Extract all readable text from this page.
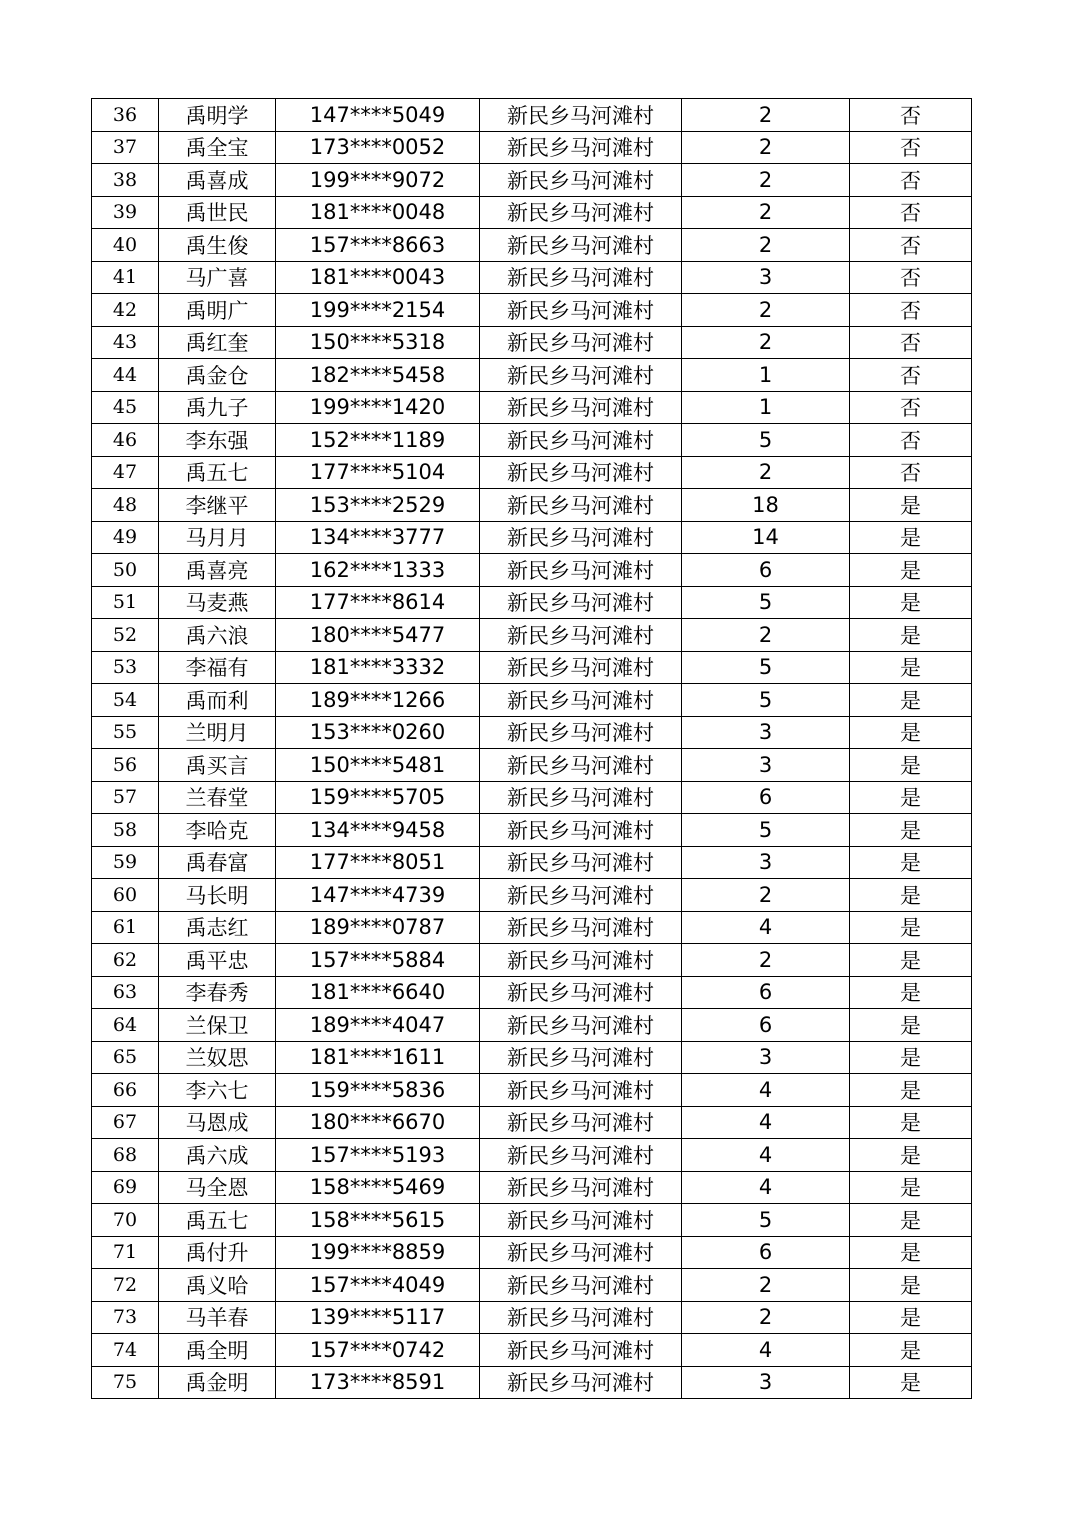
36	禹明学	147****5049	新民乡马河滩村	2	否
37	禹全宝	173****0052	新民乡马河滩村	2	否
38	禹喜成	199****9072	新民乡马河滩村	2	否
39	禹世民	181****0048	新民乡马河滩村	2	否
40	禹生俊	157****8663	新民乡马河滩村	2	否
41	马广喜	181****0043	新民乡马河滩村	3	否
42	禹明广	199****2154	新民乡马河滩村	2	否
43	禹红奎	150****5318	新民乡马河滩村	2	否
44	禹金仓	182****5458	新民乡马河滩村	1	否
45	禹九子	199****1420	新民乡马河滩村	1	否
46	李东强	152****1189	新民乡马河滩村	5	否
47	禹五七	177****5104	新民乡马河滩村	2	否
48	李继平	153****2529	新民乡马河滩村	18	是
49	马月月	134****3777	新民乡马河滩村	14	是
50	禹喜亮	162****1333	新民乡马河滩村	6	是
51	马麦燕	177****8614	新民乡马河滩村	5	是
52	禹六浪	180****5477	新民乡马河滩村	2	是
53	李福有	181****3332	新民乡马河滩村	5	是
54	禹而利	189****1266	新民乡马河滩村	5	是
55	兰明月	153****0260	新民乡马河滩村	3	是
56	禹买言	150****5481	新民乡马河滩村	3	是
57	兰春堂	159****5705	新民乡马河滩村	6	是
58	李哈克	134****9458	新民乡马河滩村	5	是
59	禹春富	177****8051	新民乡马河滩村	3	是
60	马长明	147****4739	新民乡马河滩村	2	是
61	禹志红	189****0787	新民乡马河滩村	4	是
62	禹平忠	157****5884	新民乡马河滩村	2	是
63	李春秀	181****6640	新民乡马河滩村	6	是
64	兰保卫	189****4047	新民乡马河滩村	6	是
65	兰奴思	181****1611	新民乡马河滩村	3	是
66	李六七	159****5836	新民乡马河滩村	4	是
67	马恩成	180****6670	新民乡马河滩村	4	是
68	禹六成	157****5193	新民乡马河滩村	4	是
69	马全恩	158****5469	新民乡马河滩村	4	是
70	禹五七	158****5615	新民乡马河滩村	5	是
71	禹付升	199****8859	新民乡马河滩村	6	是
72	禹义哈	157****4049	新民乡马河滩村	2	是
73	马羊春	139****5117	新民乡马河滩村	2	是
74	禹全明	157****0742	新民乡马河滩村	4	是
75	禹金明	173****8591	新民乡马河滩村	3	是
